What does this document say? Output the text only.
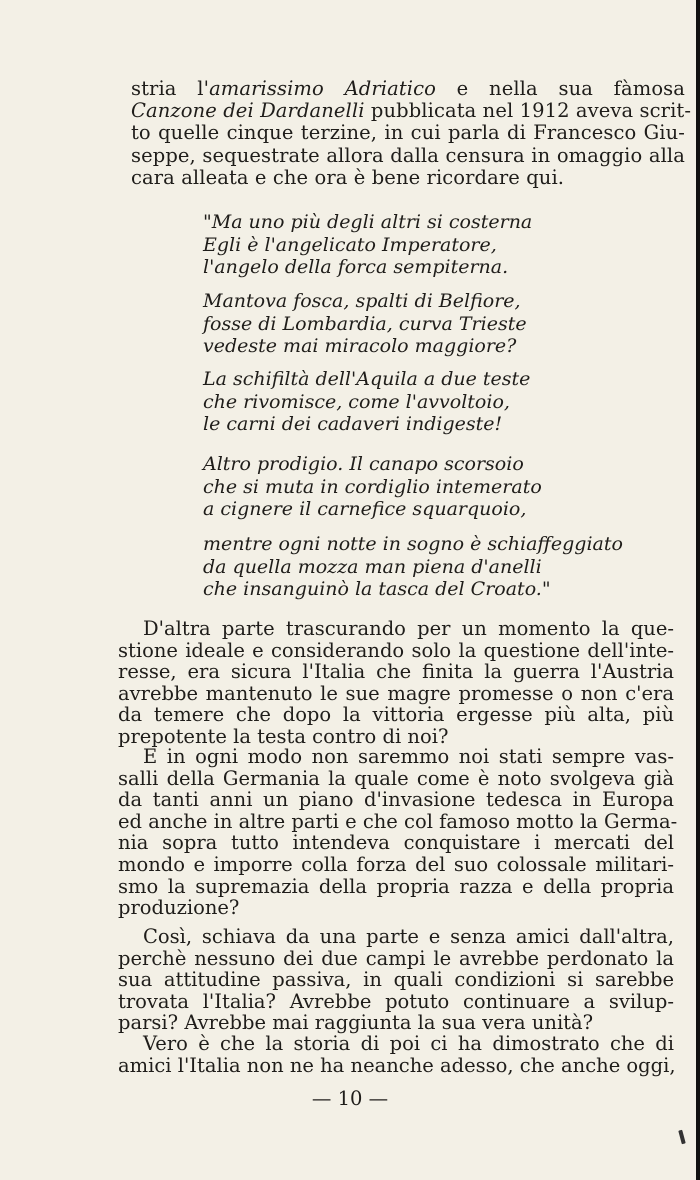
stria l'amarissimo Adriatico e nella sua fàmosa
Canzone dei Dardanelli pubblicata nel 1912 aveva scrit-
to quelle cinque terzine, in cui parla di Francesco Giu-
seppe, sequestrate allora dalla censura in omaggio alla
cara alleata e che ora è bene ricordare qui.
"Ma uno più degli altri si costerna
Egli è l'angelicato Imperatore,
l'angelo della forca sempiterna.
Mantova fosca, spalti di Belfiore,
fosse di Lombardia, curva Trieste
vedeste mai miracolo maggiore?
La schifiltà dell'Aquila a due teste
che rivomisce, come l'avvoltoio,
le carni dei cadaveri indigeste!
Altro prodigio. Il canapo scorsoio
che si muta in cordiglio intemerato
a cignere il carnefice squarquoio,
mentre ogni notte in sogno è schiaffeggiato
da quella mozza man piena d'anelli
che insanguinò la tasca del Croato."
D'altra parte trascurando per un momento la que-
stione ideale e considerando solo la questione dell'inte-
resse, era sicura l'Italia che finita la guerra l'Austria
avrebbe mantenuto le sue magre promesse o non c'era
da temere che dopo la vittoria ergesse più alta, più
prepotente la testa contro di noi?
E in ogni modo non saremmo noi stati sempre vas-
salli della Germania la quale come è noto svolgeva già
da tanti anni un piano d'invasione tedesca in Europa
ed anche in altre parti e che col famoso motto la Germa-
nia sopra tutto intendeva conquistare i mercati del
mondo e imporre colla forza del suo colossale militari-
smo la supremazia della propria razza e della propria
produzione?
Così, schiava da una parte e senza amici dall'altra,
perchè nessuno dei due campi le avrebbe perdonato la
sua attitudine passiva, in quali condizioni si sarebbe
trovata l'Italia? Avrebbe potuto continuare a svilup-
parsi? Avrebbe mai raggiunta la sua vera unità?
Vero è che la storia di poi ci ha dimostrato che di
amici l'Italia non ne ha neanche adesso, che anche oggi,
— 10 —
